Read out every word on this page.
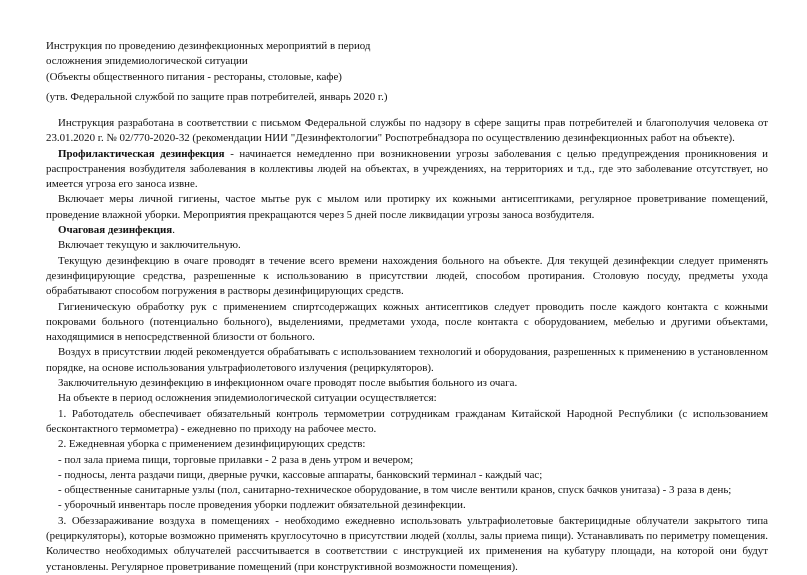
Инструкция по проведению дезинфекционных мероприятий в период
осложнения эпидемиологической ситуации
(Объекты общественного питания - рестораны, столовые, кафе)
(утв. Федеральной службой по защите прав потребителей, январь 2020 г.)

Инструкция разработана в соответствии с письмом Федеральной службы по надзору в сфере защиты прав потребителей и благополучия человека от 23.01.2020 г. № 02/770-2020-32 (рекомендации НИИ "Дезинфектологии" Роспотребнадзора по осуществлению дезинфекционных работ на объекте).

Профилактическая дезинфекция - начинается немедленно при возникновении угрозы заболевания с целью предупреждения проникновения и распространения возбудителя заболевания в коллективы людей на объектах, в учреждениях, на территориях и т.д., где это заболевание отсутствует, но имеется угроза его заноса извне.

Включает меры личной гигиены, частое мытье рук с мылом или протирку их кожными антисептиками, регулярное проветривание помещений, проведение влажной уборки. Мероприятия прекращаются через 5 дней после ликвидации угрозы заноса возбудителя.

Очаговая дезинфекция.

Включает текущую и заключительную.

Текущую дезинфекцию в очаге проводят в течение всего времени нахождения больного на объекте. Для текущей дезинфекции следует применять дезинфицирующие средства, разрешенные к использованию в присутствии людей, способом протирания. Столовую посуду, предметы ухода обрабатывают способом погружения в растворы дезинфицирующих средств.

Гигиеническую обработку рук с применением спиртсодержащих кожных антисептиков следует проводить после каждого контакта с кожными покровами больного (потенциально больного), выделениями, предметами ухода, после контакта с оборудованием, мебелью и другими объектами, находящимися в непосредственной близости от больного.

Воздух в присутствии людей рекомендуется обрабатывать с использованием технологий и оборудования, разрешенных к применению в установленном порядке, на основе использования ультрафиолетового излучения (рециркуляторов).

Заключительную дезинфекцию в инфекционном очаге проводят после выбытия больного из очага.

На объекте в период осложнения эпидемиологической ситуации осуществляется:

1. Работодатель обеспечивает обязательный контроль термометрии сотрудникам гражданам Китайской Народной Республики (с использованием бесконтактного термометра) - ежедневно по приходу на рабочее место.

2. Ежедневная уборка с применением дезинфицирующих средств:

- пол зала приема пищи, торговые прилавки - 2 раза в день утром и вечером;

- подносы, лента раздачи пищи, дверные ручки, кассовые аппараты, банковский терминал - каждый час;

- общественные санитарные узлы (пол, санитарно-техническое оборудование, в том числе вентили кранов, спуск бачков унитаза) - 3 раза в день;

- уборочный инвентарь после проведения уборки подлежит обязательной дезинфекции.

3. Обеззараживание воздуха в помещениях - необходимо ежедневно использовать ультрафиолетовые бактерицидные облучатели закрытого типа (рециркуляторы), которые возможно применять круглосуточно в присутствии людей (холлы, залы приема пищи). Устанавливать по периметру помещения. Количество необходимых облучателей рассчитывается в соответствии с инструкцией их применения на кубатуру площади, на которой они будут установлены. Регулярное проветривание помещений (при конструктивной возможности помещения).
